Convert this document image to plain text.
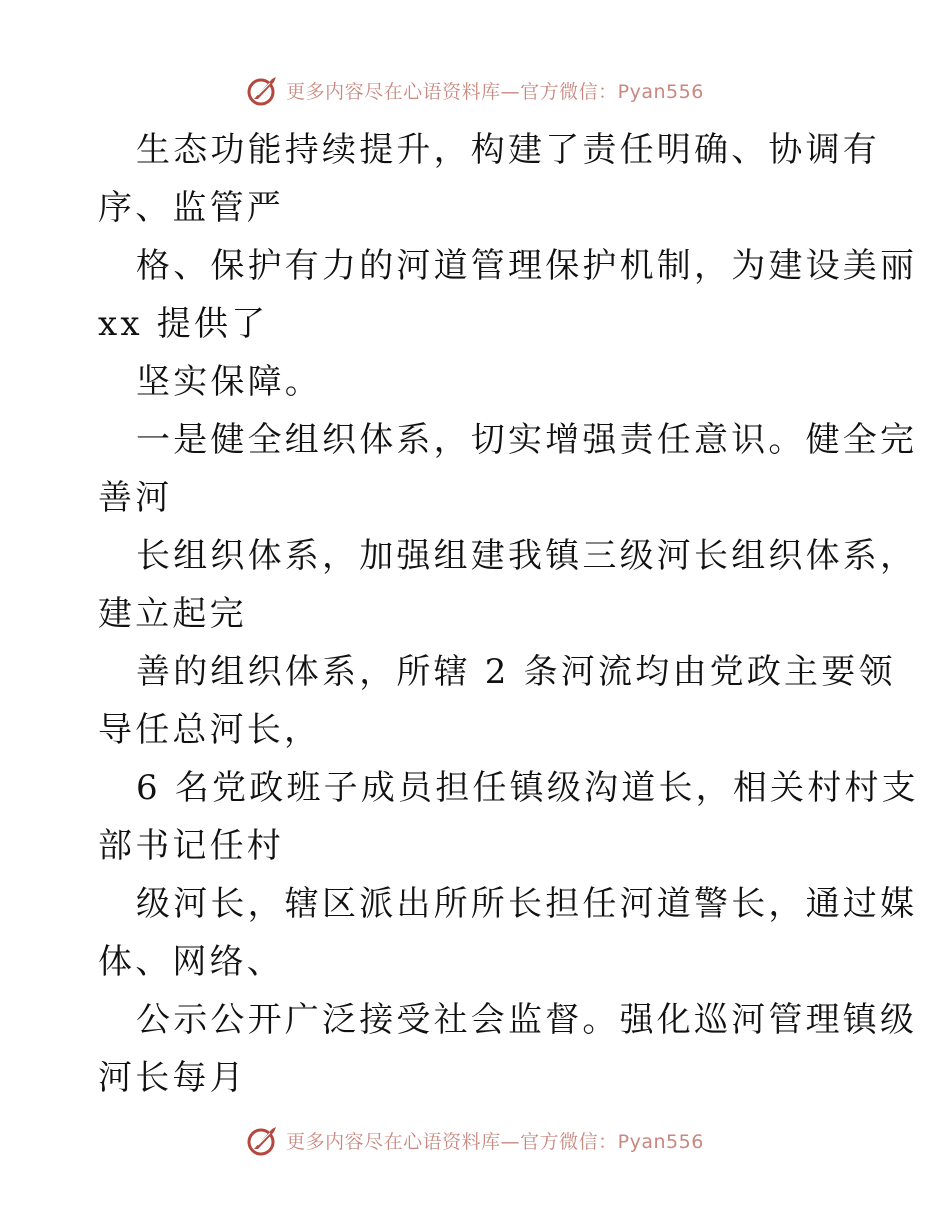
更多内容尽在心语资料库—官方微信：Pyan556
生态功能持续提升，构建了责任明确、协调有
序、监管严
格、保护有力的河道管理保护机制，为建设美丽
xx 提供了
坚实保障。
一是健全组织体系，切实增强责任意识。健全完
善河
长组织体系，加强组建我镇三级河长组织体系，
建立起完
善的组织体系，所辖 2 条河流均由党政主要领
导任总河长，
6 名党政班子成员担任镇级沟道长，相关村村支
部书记任村
级河长，辖区派出所所长担任河道警长，通过媒
体、网络、
公示公开广泛接受社会监督。强化巡河管理镇级
河长每月
更多内容尽在心语资料库—官方微信：Pyan556
